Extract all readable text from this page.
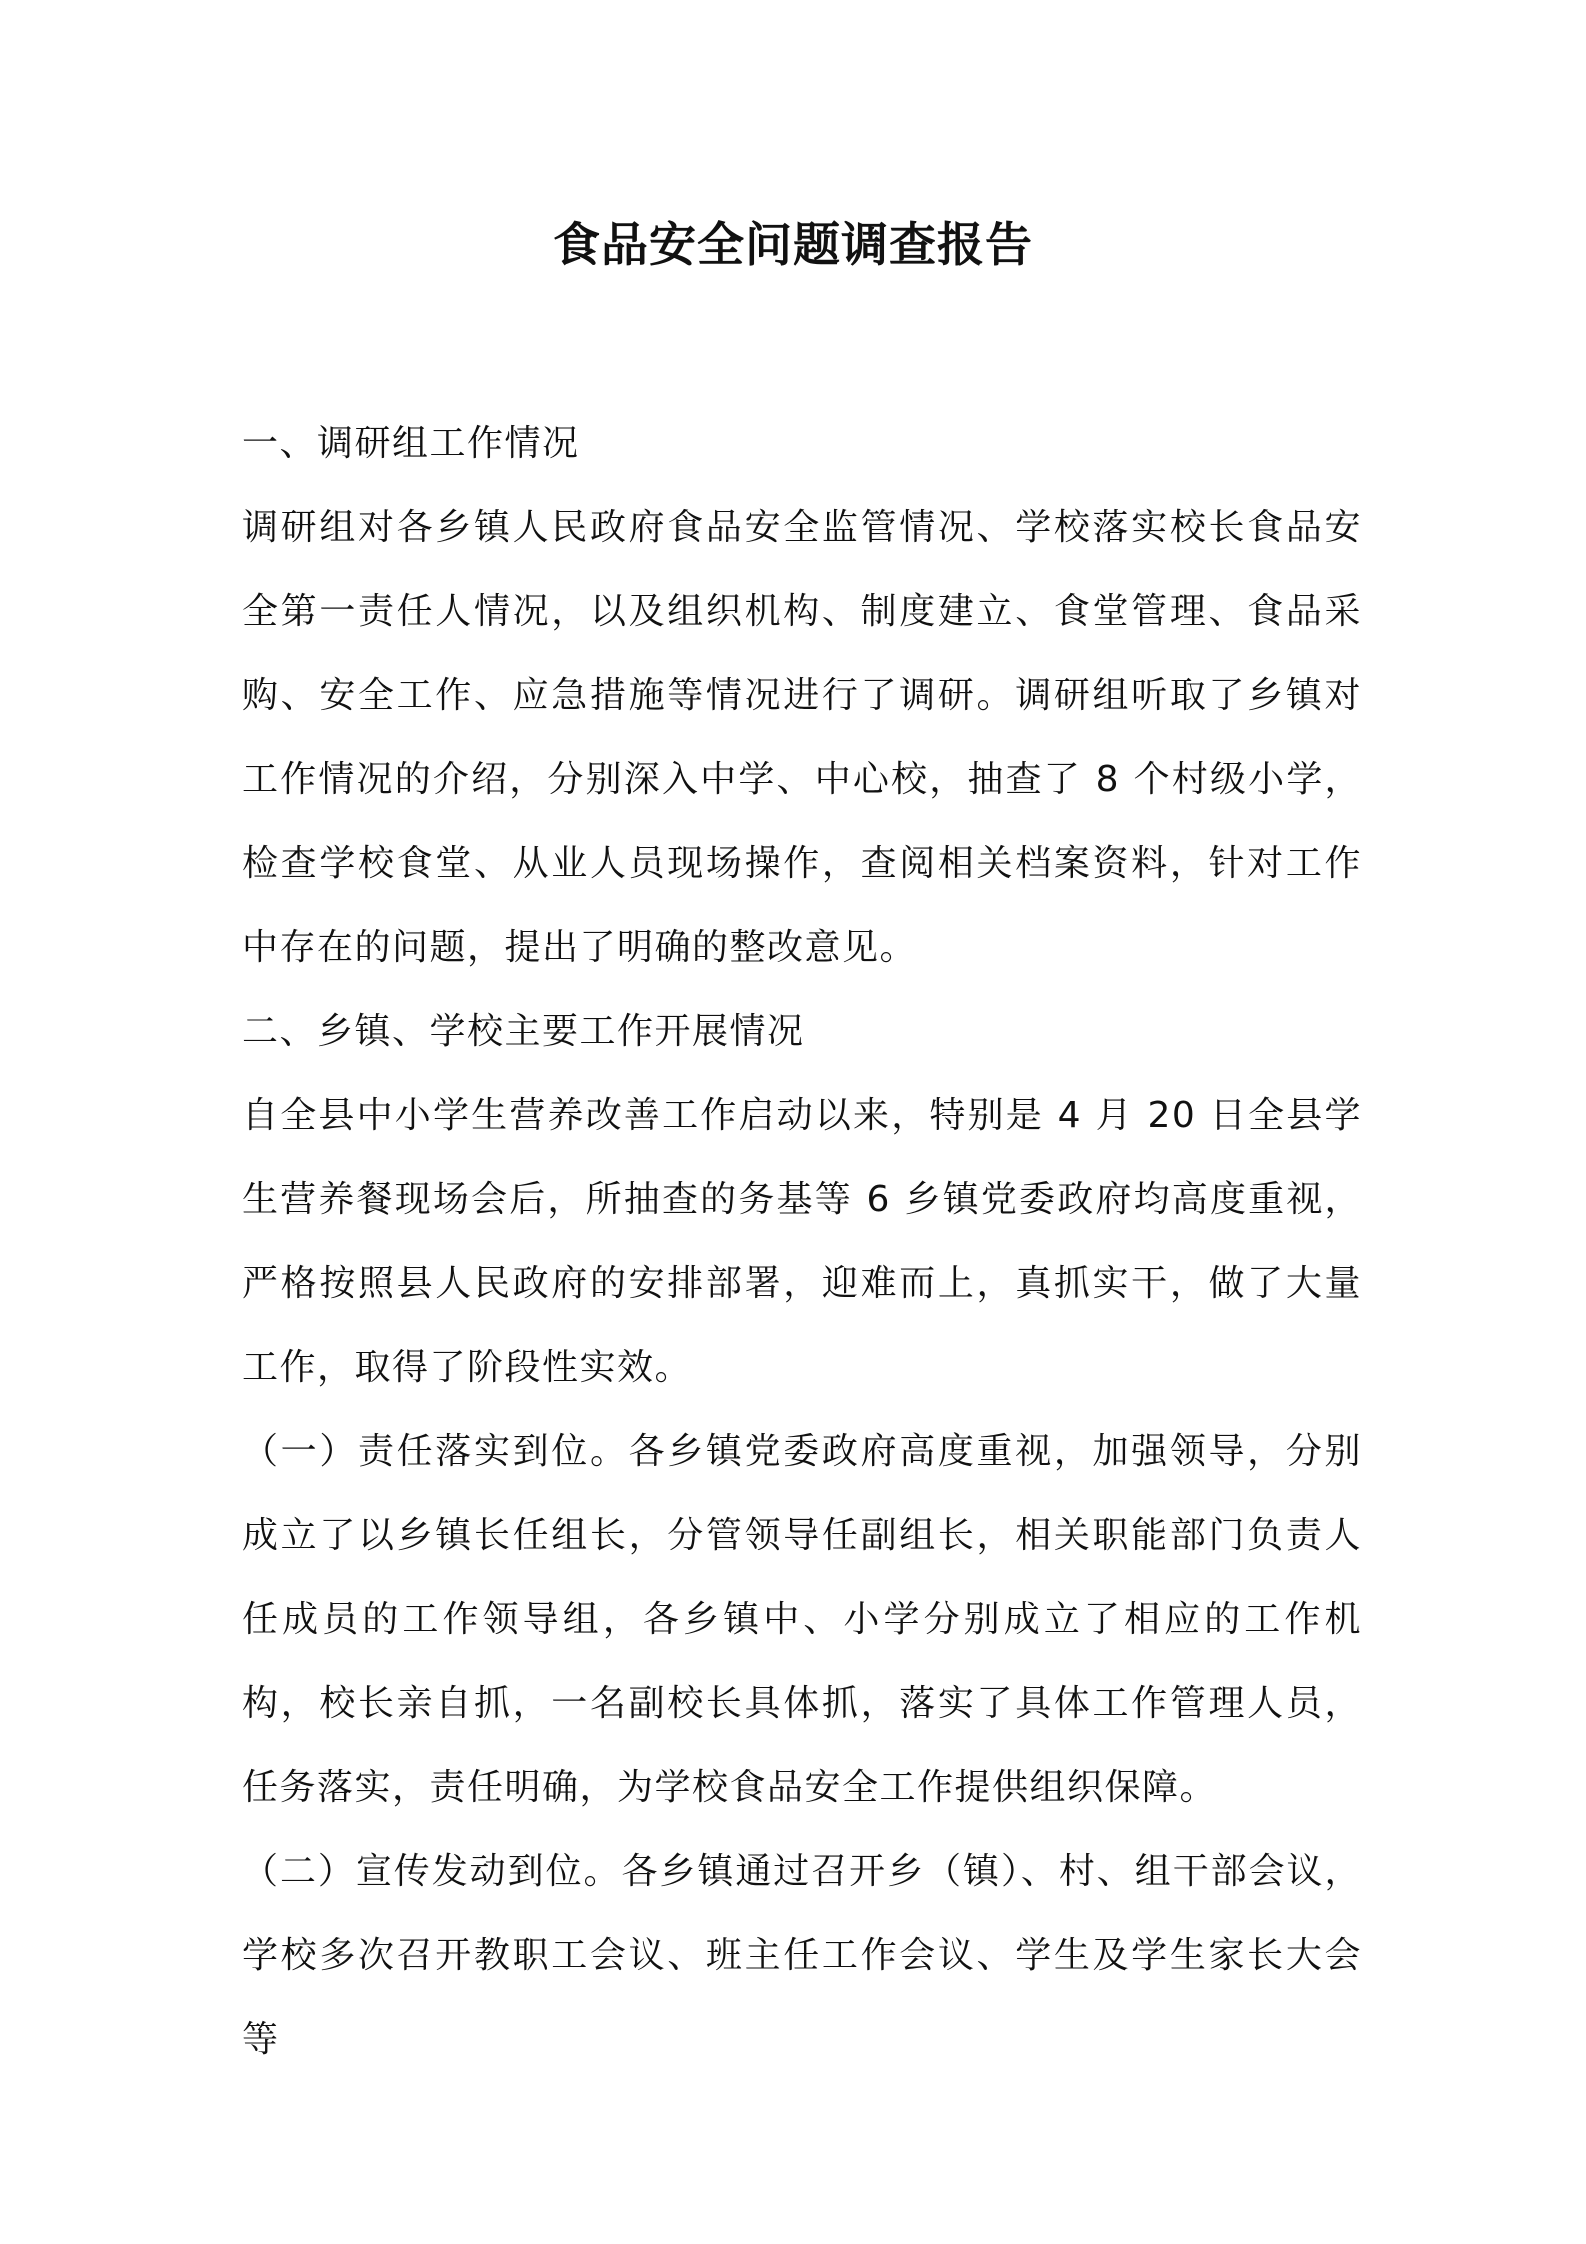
食品安全问题调查报告

一、调研组工作情况

调研组对各乡镇人民政府食品安全监管情况、学校落实校长食品安全第一责任人情况，以及组织机构、制度建立、食堂管理、食品采购、安全工作、应急措施等情况进行了调研。调研组听取了乡镇对工作情况的介绍，分别深入中学、中心校，抽查了 8 个村级小学，检查学校食堂、从业人员现场操作，查阅相关档案资料，针对工作中存在的问题，提出了明确的整改意见。

二、乡镇、学校主要工作开展情况

自全县中小学生营养改善工作启动以来，特别是 4 月 20 日全县学生营养餐现场会后，所抽查的务基等 6 乡镇党委政府均高度重视，严格按照县人民政府的安排部署，迎难而上，真抓实干，做了大量工作，取得了阶段性实效。

（一）责任落实到位。各乡镇党委政府高度重视，加强领导，分别成立了以乡镇长任组长，分管领导任副组长，相关职能部门负责人任成员的工作领导组，各乡镇中、小学分别成立了相应的工作机构，校长亲自抓，一名副校长具体抓，落实了具体工作管理人员，任务落实，责任明确，为学校食品安全工作提供组织保障。

（二）宣传发动到位。各乡镇通过召开乡（镇）、村、组干部会议，学校多次召开教职工会议、班主任工作会议、学生及学生家长大会等
